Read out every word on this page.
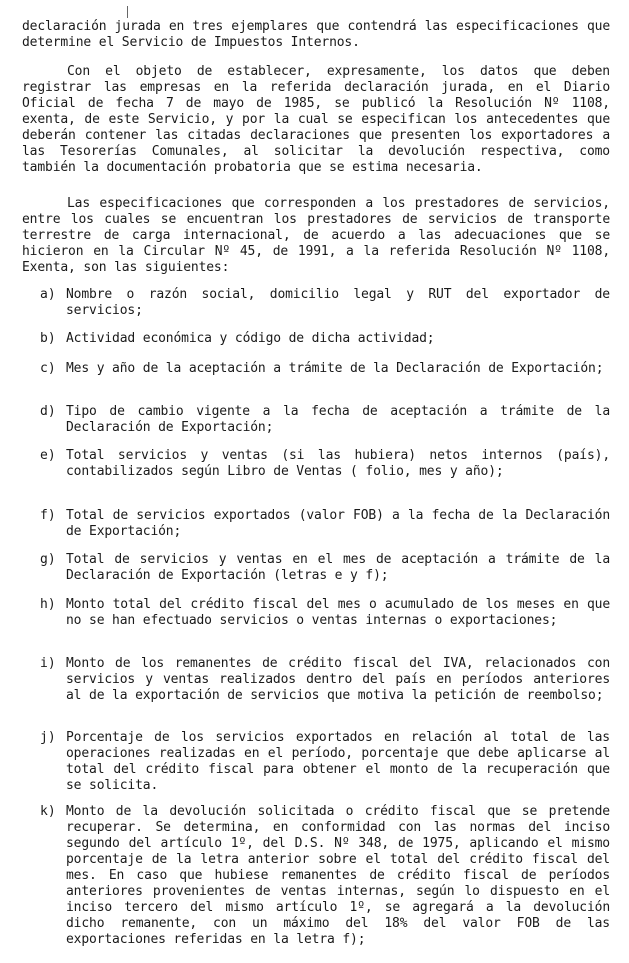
declaración jurada en tres ejemplares que contendrá las especificaciones que determine el Servicio de Impuestos Internos.

Con el objeto de establecer, expresamente, los datos que deben registrar las empresas en la referida declaración jurada, en el Diario Oficial de fecha 7 de mayo de 1985, se publicó la Resolución Nº 1108, exenta, de este Servicio, y por la cual se especifican los antecedentes que deberán contener las citadas declaraciones que presenten los exportadores a las Tesorerías Comunales, al solicitar la devolución respectiva, como también la documentación probatoria que se estima necesaria.

Las especificaciones que corresponden a los prestadores de servicios, entre los cuales se encuentran los prestadores de servicios de transporte terrestre de carga internacional, de acuerdo a las adecuaciones que se hicieron en la Circular Nº 45, de 1991, a la referida Resolución Nº 1108, Exenta, son las siguientes:

a) Nombre o razón social, domicilio legal y RUT del exportador de servicios;
b) Actividad económica y código de dicha actividad;
c) Mes y año de la aceptación a trámite de la Declaración de Exportación;
d) Tipo de cambio vigente a la fecha de aceptación a trámite de la Declaración de Exportación;
e) Total servicios y ventas (si las hubiera) netos internos (país), contabilizados según Libro de Ventas ( folio, mes y año);
f) Total de servicios exportados (valor FOB) a la fecha de la Declaración de Exportación;
g) Total de servicios y ventas en el mes de aceptación a trámite de la Declaración de Exportación (letras e y f);
h) Monto total del crédito fiscal del mes o acumulado de los meses en que no se han efectuado servicios o ventas internas o exportaciones;
i) Monto de los remanentes de crédito fiscal del IVA, relacionados con servicios y ventas realizados dentro del país en períodos anteriores al de la exportación de servicios que motiva la petición de reembolso;
j) Porcentaje de los servicios exportados en relación al total de las operaciones realizadas en el período, porcentaje que debe aplicarse al total del crédito fiscal para obtener el monto de la recuperación que se solicita.
k) Monto de la devolución solicitada o crédito fiscal que se pretende recuperar. Se determina, en conformidad con las normas del inciso segundo del artículo 1º, del D.S. Nº 348, de 1975, aplicando el mismo porcentaje de la letra anterior sobre el total del crédito fiscal del mes. En caso que hubiese remanentes de crédito fiscal de períodos anteriores provenientes de ventas internas, según lo dispuesto en el inciso tercero del mismo artículo 1º, se agregará a la devolución dicho remanente, con un máximo del 18% del valor FOB de las exportaciones referidas en la letra f);
